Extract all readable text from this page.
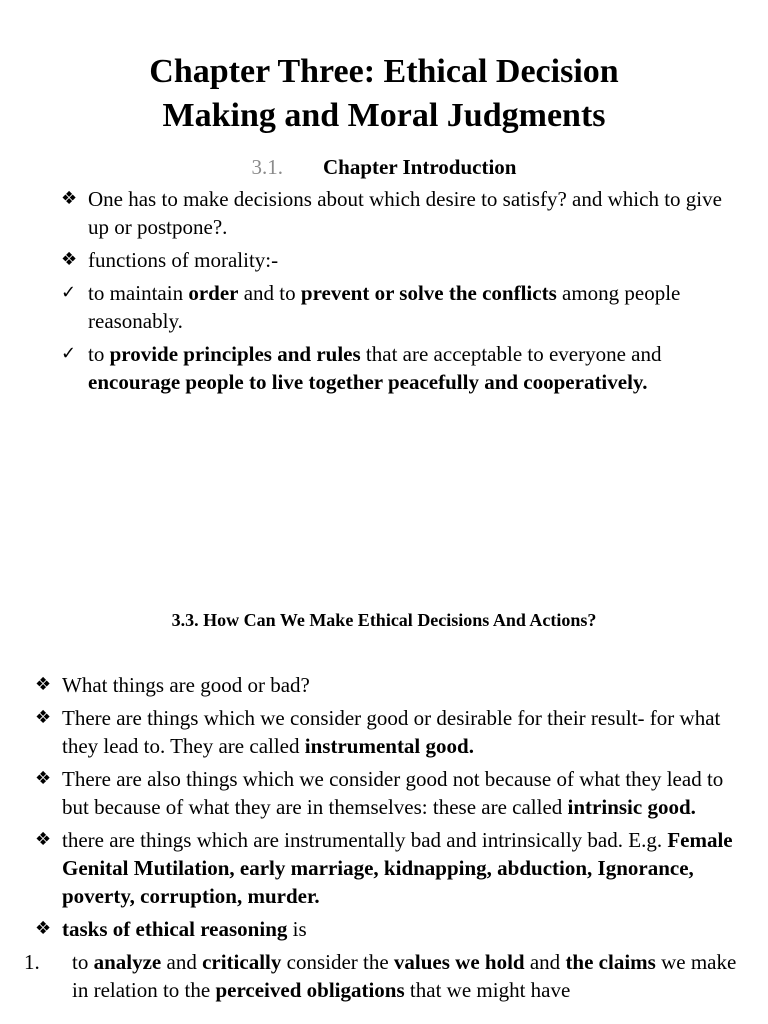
Chapter Three: Ethical Decision
Making and Moral Judgments
3.1. Chapter Introduction
❖ One has to make decisions about which desire to satisfy? and which to give up or postpone?.
❖ functions of morality:-
✓ to maintain order and to prevent or solve the conflicts among people reasonably.
✓ to provide principles and rules that are acceptable to everyone and encourage people to live together peacefully and cooperatively.
3.3. How Can We Make Ethical Decisions And Actions?
❖ What things are good or bad?
❖ There are things which we consider good or desirable for their result- for what they lead to. They are called instrumental good.
❖ There are also things which we consider good not because of what they lead to but because of what they are in themselves: these are called intrinsic good.
❖ there are things which are instrumentally bad and intrinsically bad. E.g. Female Genital Mutilation, early marriage, kidnapping, abduction, Ignorance, poverty, corruption, murder.
❖ tasks of ethical reasoning is
1. to analyze and critically consider the values we hold and the claims we make in relation to the perceived obligations that we might have
